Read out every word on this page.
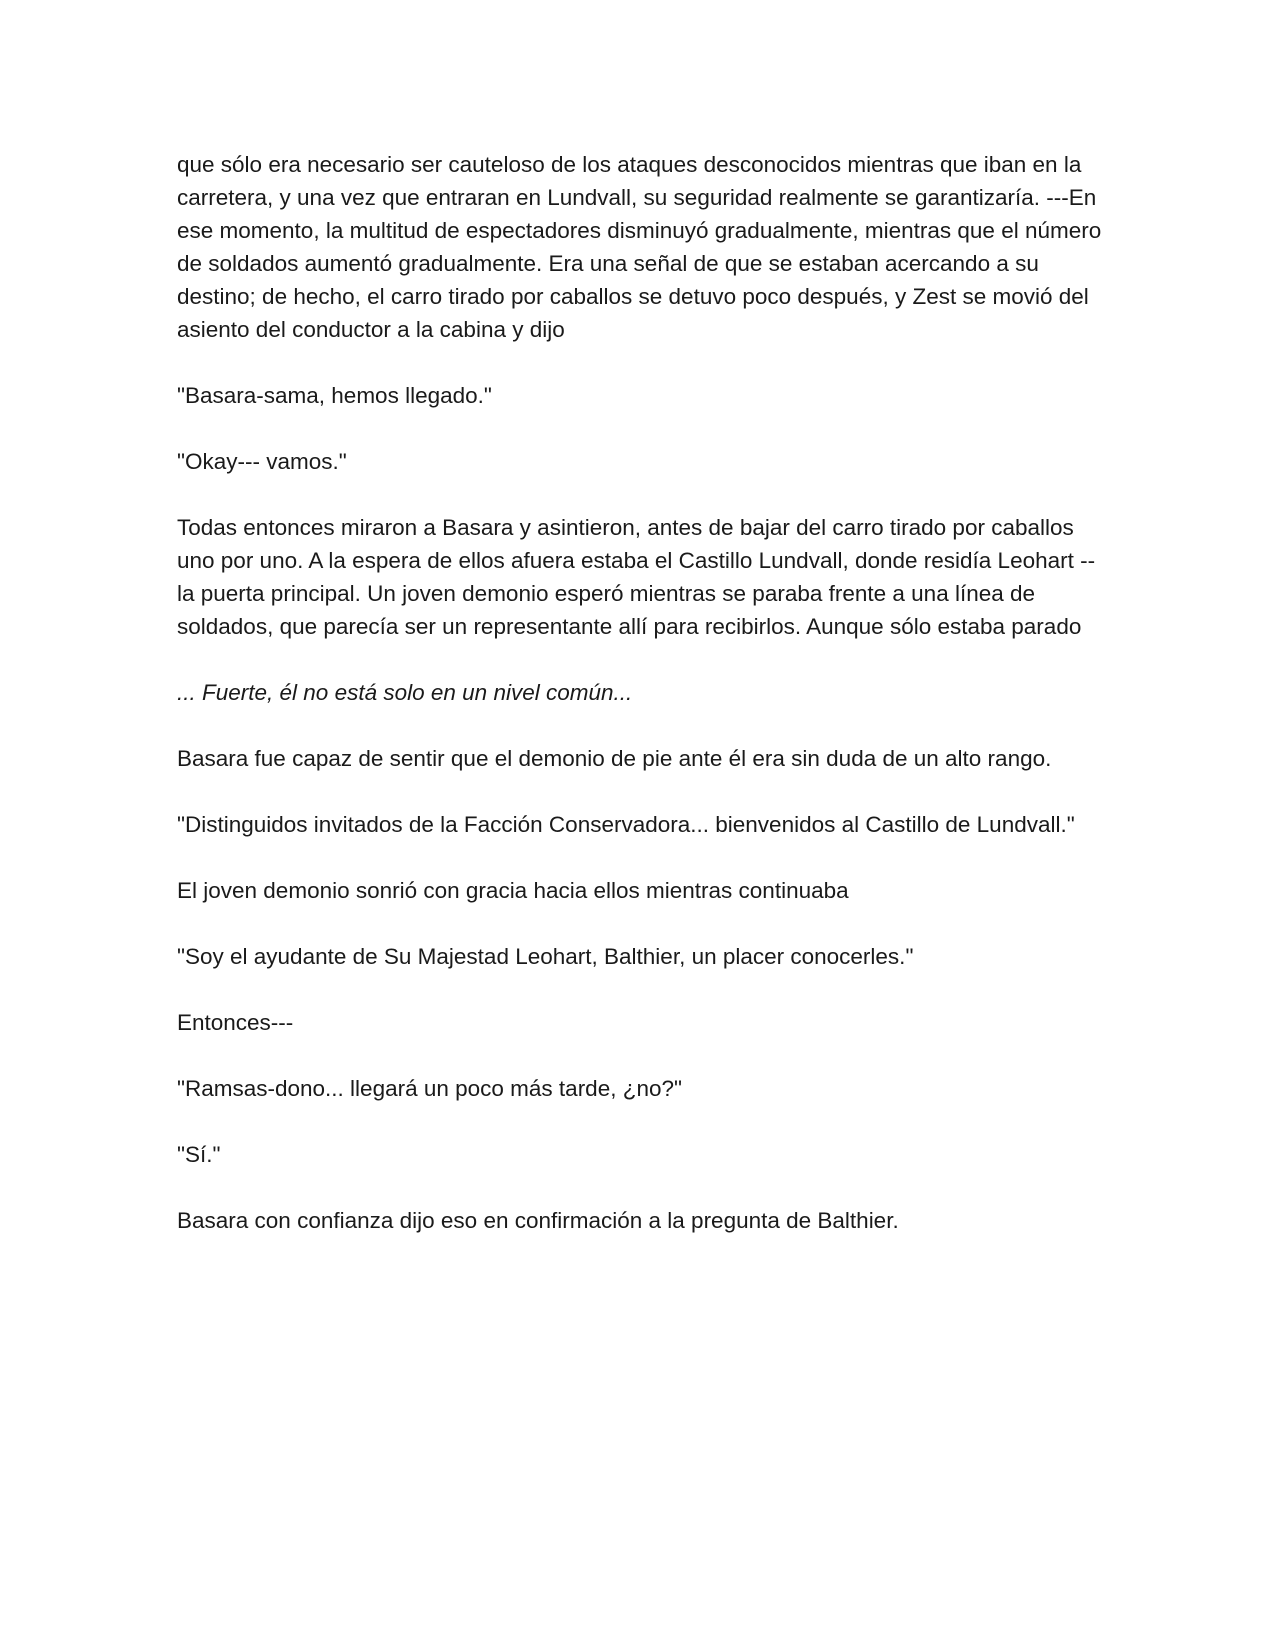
que sólo era necesario ser cauteloso de los ataques desconocidos mientras que iban en la carretera, y una vez que entraran en Lundvall, su seguridad realmente se garantizaría. ---En ese momento, la multitud de espectadores disminuyó gradualmente, mientras que el número de soldados aumentó gradualmente. Era una señal de que se estaban acercando a su destino; de hecho, el carro tirado por caballos se detuvo poco después, y Zest se movió del asiento del conductor a la cabina y dijo

"Basara-sama, hemos llegado."

"Okay--- vamos."

Todas entonces miraron a Basara y asintieron, antes de bajar del carro tirado por caballos uno por uno. A la espera de ellos afuera estaba el Castillo Lundvall, donde residía Leohart -- la puerta principal. Un joven demonio esperó mientras se paraba frente a una línea de soldados, que parecía ser un representante allí para recibirlos. Aunque sólo estaba parado

... Fuerte, él no está solo en un nivel común...

Basara fue capaz de sentir que el demonio de pie ante él era sin duda de un alto rango.

"Distinguidos invitados de la Facción Conservadora... bienvenidos al Castillo de Lundvall."

El joven demonio sonrió con gracia hacia ellos mientras continuaba

"Soy el ayudante de Su Majestad Leohart, Balthier, un placer conocerles."

Entonces---

"Ramsas-dono... llegará un poco más tarde, ¿no?"

"Sí."

Basara con confianza dijo eso en confirmación a la pregunta de Balthier.
